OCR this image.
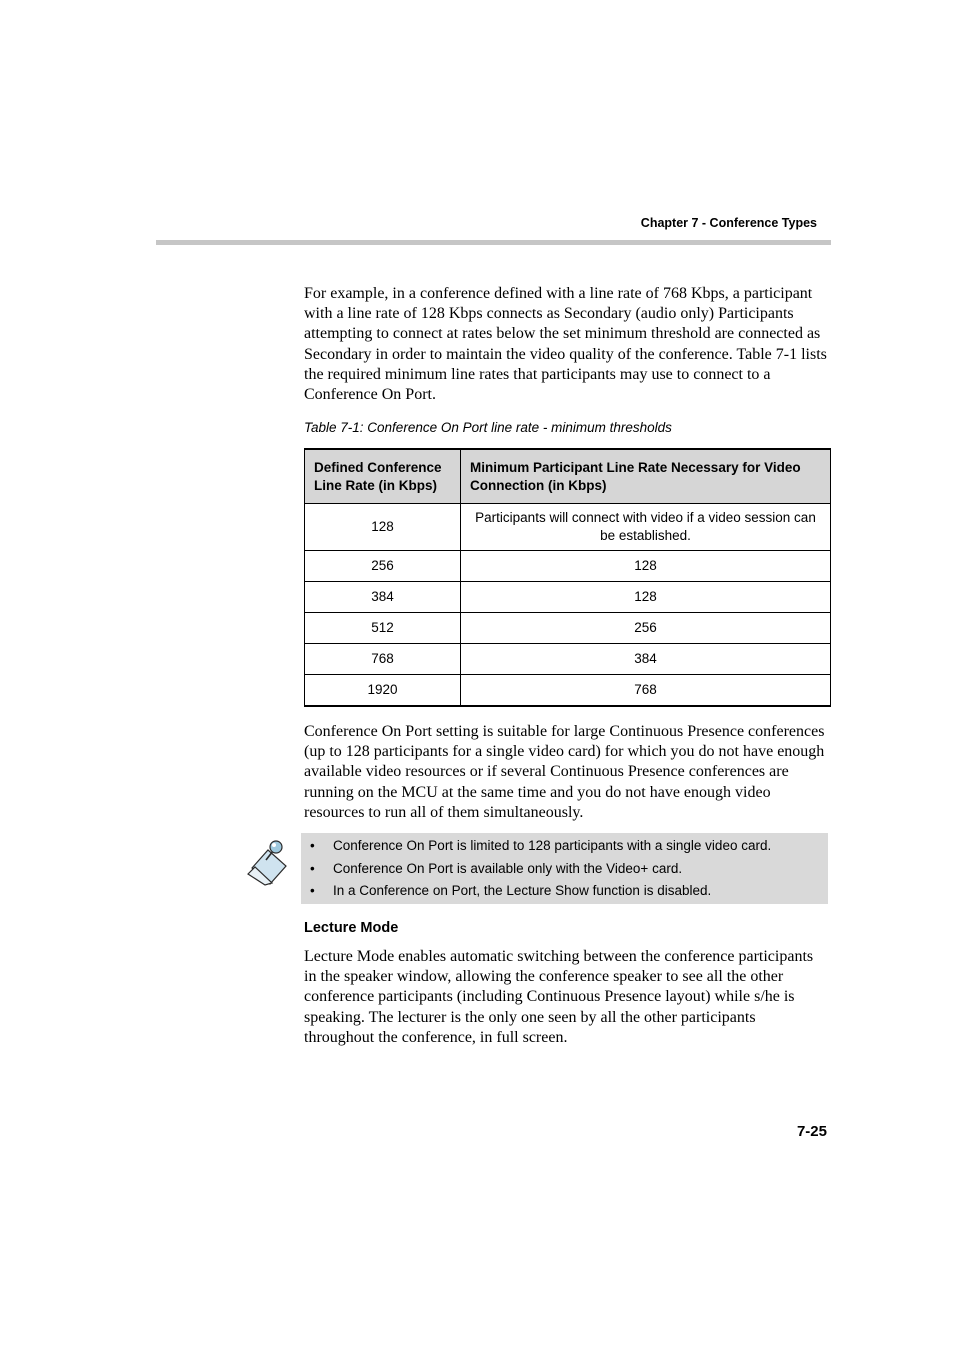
Chapter 7 - Conference Types

For example, in a conference defined with a line rate of 768 Kbps, a participant with a line rate of 128 Kbps connects as Secondary (audio only) Participants attempting to connect at rates below the set minimum threshold are connected as Secondary in order to maintain the video quality of the conference. Table 7-1 lists the required minimum line rates that participants may use to connect to a Conference On Port.

Table 7-1: Conference On Port line rate - minimum thresholds
Defined Conference Line Rate (in Kbps)	Minimum Participant Line Rate Necessary for Video Connection (in Kbps)
128	Participants will connect with video if a video session can be established.
256	128
384	128
512	256
768	384
1920	768

Conference On Port setting is suitable for large Continuous Presence conferences (up to 128 participants for a single video card) for which you do not have enough available video resources or if several Continuous Presence conferences are running on the MCU at the same time and you do not have enough video resources to run all of them simultaneously.

• Conference On Port is limited to 128 participants with a single video card.
• Conference On Port is available only with the Video+ card.
• In a Conference on Port, the Lecture Show function is disabled.
Lecture Mode

Lecture Mode enables automatic switching between the conference participants in the speaker window, allowing the conference speaker to see all the other conference participants (including Continuous Presence layout) while s/he is speaking. The lecturer is the only one seen by all the other participants throughout the conference, in full screen.

7-25
